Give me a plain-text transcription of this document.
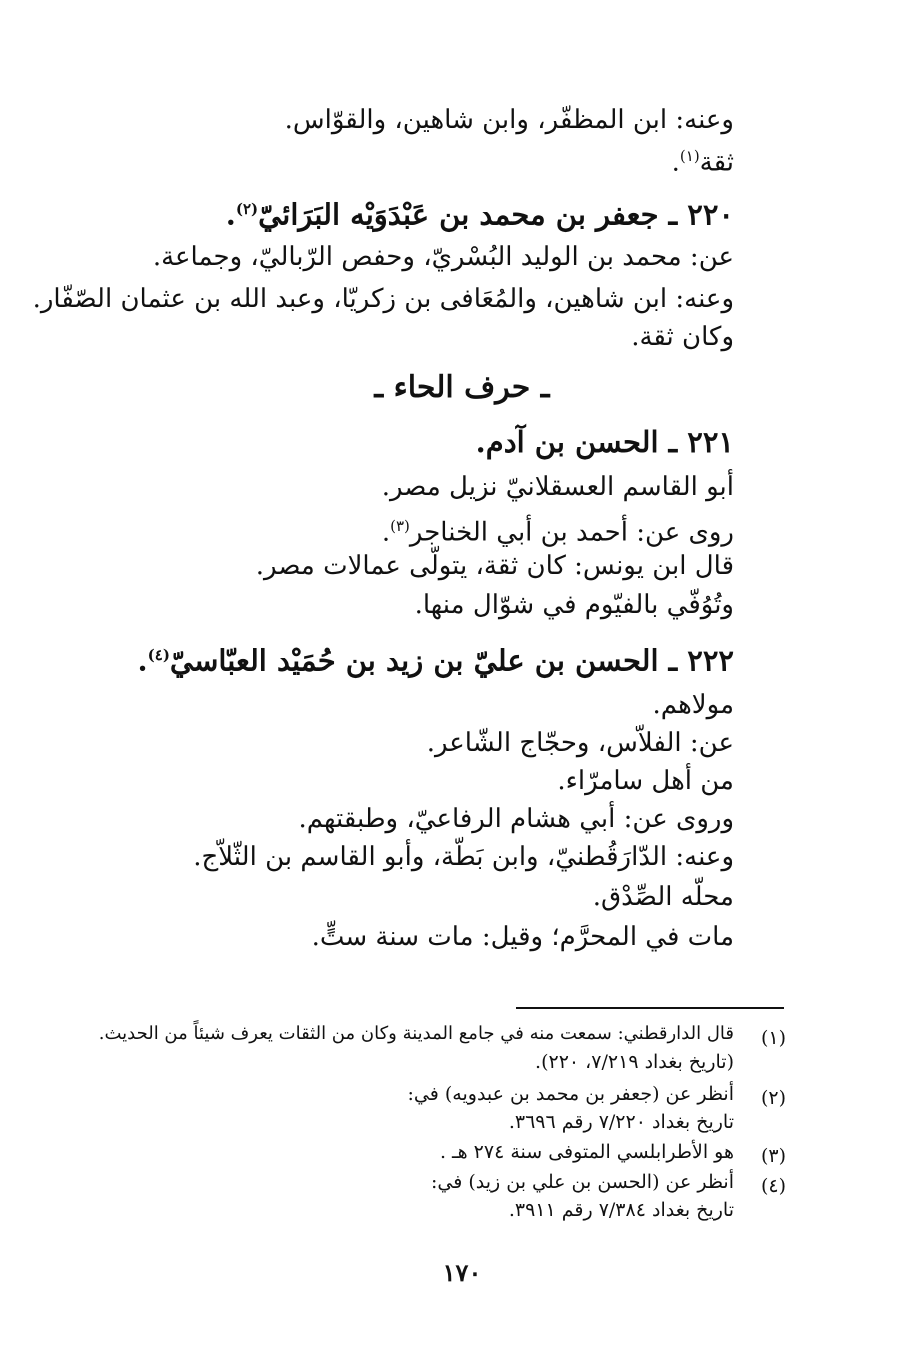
وعنه: ابن المظفّر، وابن شاهين، والقوّاس.
ثقة$^{(١)}$.
٢٢٠ ـ جعفر بن محمد بن عَبْدَوَيْه البَرَائيّ$^{(٢)}$.
عن: محمد بن الوليد البُسْريّ، وحفص الرّباليّ، وجماعة.
وعنه: ابن شاهين، والمُعَافى بن زكريّا، وعبد الله بن عثمان الصّفّار.
وكان ثقة.
ـ حرف الحاء ـ
٢٢١ ـ الحسن بن آدم.
أبو القاسم العسقلانيّ نزيل مصر.
روى عن: أحمد بن أبي الخناجر$^{(٣)}$.
قال ابن يونس: كان ثقة، يتولّى عمالات مصر.
وتُوُفّي بالفيّوم في شوّال منها.
٢٢٢ ـ الحسن بن عليّ بن زيد بن حُمَيْد العبّاسيّ$^{(٤)}$.
مولاهم.
عن: الفلاّس، وحجّاج الشّاعر.
من أهل سامرّاء.
وروى عن: أبي هشام الرفاعيّ، وطبقتهم.
وعنه: الدّارَقُطنيّ، وابن بَطّة، وأبو القاسم بن الثّلاّج.
محلّه الصِّدْق.
مات في المحرَّم؛ وقيل: مات سنة ستٍّ.
(١)
قال الدارقطني: سمعت منه في جامع المدينة وكان من الثقات يعرف شيئاً من الحديث.
(تاريخ بغداد ٧/٢١٩، ٢٢٠).
(٢)
أنظر عن (جعفر بن محمد بن عبدويه) في:
تاريخ بغداد ٧/٢٢٠ رقم ٣٦٩٦.
(٣)
هو الأطرابلسي المتوفى سنة ٢٧٤ هـ .
(٤)
أنظر عن (الحسن بن علي بن زيد) في:
تاريخ بغداد ٧/٣٨٤ رقم ٣٩١١.
١٧٠
